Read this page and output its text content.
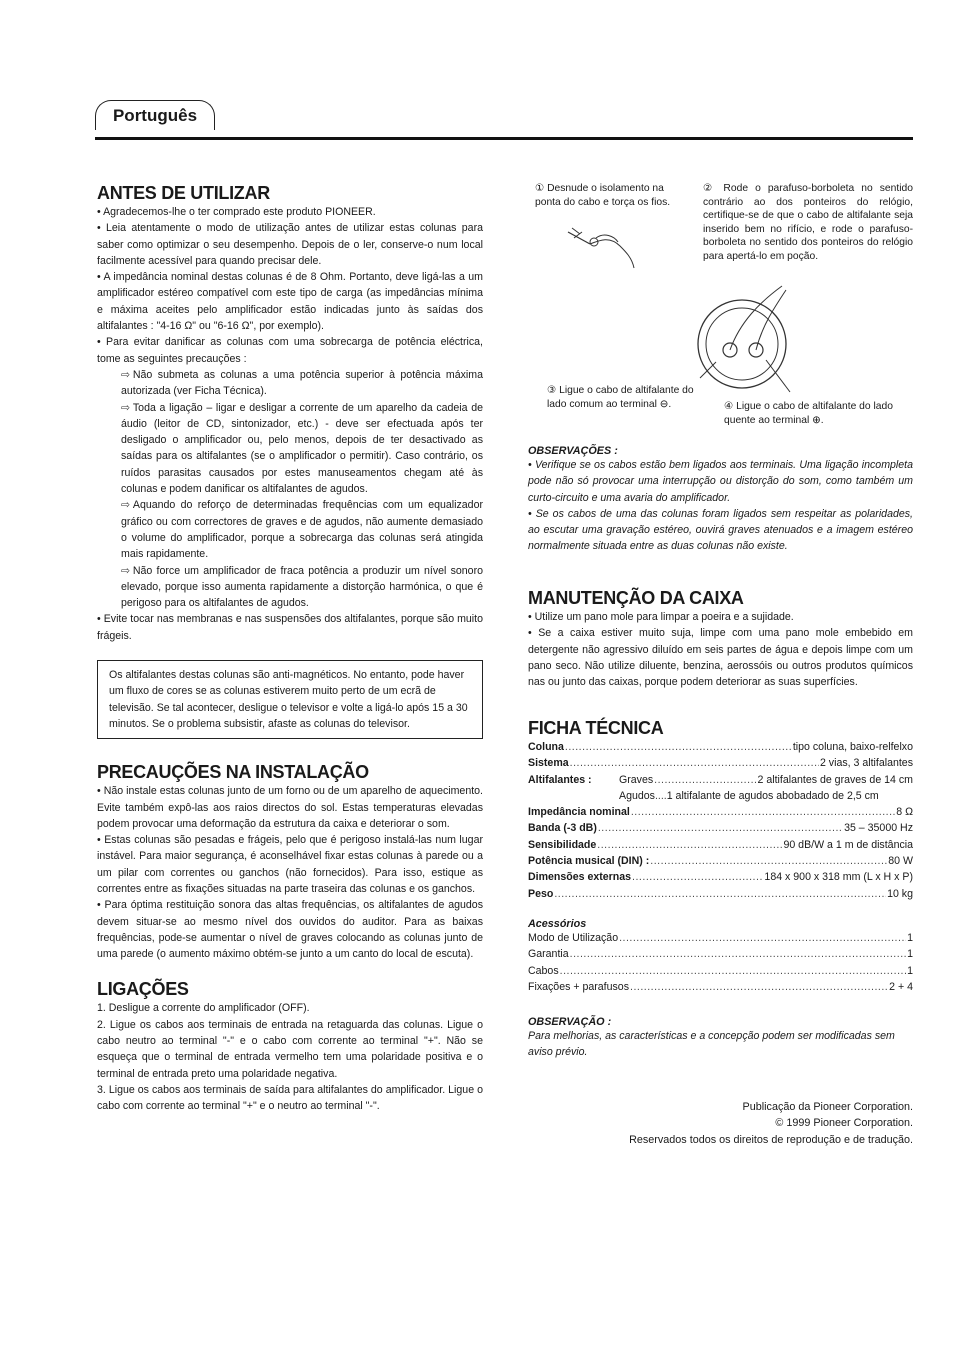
Português
ANTES DE UTILIZAR

• Agradecemos-lhe o ter comprado este produto PIONEER.

• Leia atentamente o modo de utilização antes de utilizar estas colunas para saber como optimizar o seu desempenho. Depois de o ler, conserve-o num local facilmente acessível para quando precisar dele.

• A impedância nominal destas colunas é de 8 Ohm. Portanto, deve ligá-las a um amplificador estéreo compatível com este tipo de carga (as impedâncias mínima e máxima aceites pelo amplificador estão indicadas junto às saídas dos altifalantes : "4-16 Ω" ou "6-16 Ω", por exemplo).

• Para evitar danificar as colunas com uma sobrecarga de potência eléctrica, tome as seguintes precauções :

⇨ Não submeta as colunas a uma potência superior à potência máxima autorizada (ver Ficha Técnica).

⇨ Toda a ligação – ligar e desligar a corrente de um aparelho da cadeia de áudio (leitor de CD, sintonizador, etc.) - deve ser efectuada após ter desligado o amplificador ou, pelo menos, depois de ter desactivado as saídas para os altifalantes (se o amplificador o permitir). Caso contrário, os ruídos parasitas causados por estes manuseamentos chegam até às colunas e podem danificar os altifalantes de agudos.

⇨ Aquando do reforço de determinadas frequências com um equalizador gráfico ou com correctores de graves e de agudos, não aumente demasiado o volume do amplificador, porque a sobrecarga das colunas será atingida mais rapidamente.

⇨ Não force um amplificador de fraca potência a produzir um nível sonoro elevado, porque isso aumenta rapidamente a distorção harmónica, o que é perigoso para os altifalantes de agudos.

• Evite tocar nas membranas e nas suspensões dos altifalantes, porque são muito frágeis.

Os altifalantes destas colunas são anti-magnéticos. No entanto, pode haver um fluxo de cores se as colunas estiverem muito perto de um ecrã de televisão. Se tal acontecer, desligue o televisor e volte a ligá-lo após 15 a 30 minutos. Se o problema subsistir, afaste as colunas do televisor.

PRECAUÇÕES NA INSTALAÇÃO

• Não instale estas colunas junto de um forno ou de um aparelho de aquecimento. Evite também expô-las aos raios directos do sol. Estas temperaturas elevadas podem provocar uma deformação da estrutura da caixa e deteriorar o som.

• Estas colunas são pesadas e frágeis, pelo que é perigoso instalá-las num lugar instável. Para maior segurança, é aconselhável fixar estas colunas à parede ou a um pilar com correntes ou ganchos (não fornecidos). Para isso, estique as correntes entre as fixações situadas na parte traseira das colunas e os ganchos.

• Para óptima restituição sonora das altas frequências, os altifalantes de agudos devem situar-se ao mesmo nível dos ouvidos do auditor. Para as baixas frequências, pode-se aumentar o nível de graves colocando as colunas junto de uma parede (o aumento máximo obtém-se junto a um canto do local de escuta).

LIGAÇÕES

1. Desligue a corrente do amplificador (OFF).

2. Ligue os cabos aos terminais de entrada na retaguarda das colunas. Ligue o cabo neutro ao terminal "-" e o cabo com corrente ao terminal "+". Não se esqueça que o terminal de entrada vermelho tem uma polaridade positiva e o terminal de entrada preto uma polaridade negativa.

3. Ligue os cabos aos terminais de saída para altifalantes do amplificador. Ligue o cabo com corrente ao terminal "+" e o neutro ao terminal "-".

① Desnude o isolamento na ponta do cabo e torça os fios.
② Rode o parafuso-borboleta no sentido contrário ao dos ponteiros do relógio, certifique-se de que o cabo de altifalante seja inserido bem no rifício, e rode o parafuso-borboleta no sentido dos ponteiros do relógio para apertá-lo em poção.
③ Ligue o cabo de altifalante do lado comum ao terminal ⊖.	④ Ligue o cabo de altifalante do lado quente ao terminal ⊕.
OBSERVAÇÕES :

• Verifique se os cabos estão bem ligados aos terminais. Uma ligação incompleta pode não só provocar uma interrupção ou distorção do som, como também um curto-circuito e uma avaria do amplificador.

• Se os cabos de uma das colunas foram ligados sem respeitar as polaridades, ao escutar uma gravação estéreo, ouvirá graves atenuados e a imagem estéreo normalmente situada entre as duas colunas não existe.

MANUTENÇÃO DA CAIXA

• Utilize um pano mole para limpar a poeira e a sujidade.

• Se a caixa estiver muito suja, limpe com uma pano mole embebido em detergente não agressivo diluído em seis partes de água e depois limpe com um pano seco. Não utilize diluente, benzina, aerossóis ou outros produtos químicos nas ou junto das caixas, porque podem deteriorar as suas superfícies.

FICHA TÉCNICA
Coluna .....	tipo coluna, baixo-relfelxo
Sistema .....	2 vias, 3 altifalantes
Altifalantes :	Graves .....	2 altifalantes de graves de 14 cm
Agudos .... 1 altifalante de agudos abobadado de 2,5 cm
Impedância nominal .....	8 Ω
Banda (-3 dB) .....	35 – 35000 Hz
Sensibilidade .....	90 dB/W a 1 m de distância
Potência musical (DIN) : .....	80 W
Dimensões externas .....	184 x 900 x 318 mm (L x H x P)
Peso .....	10 kg
Acessórios
Modo de Utilização .....	1
Garantia .....	1
Cabos .....	1
Fixações + parafusos .....	2 + 4
OBSERVAÇÃO :

Para melhorias, as características e a concepção podem ser modificadas sem aviso prévio.

Publicação da Pioneer Corporation.
© 1999 Pioneer Corporation.
Reservados todos os direitos de reprodução e de tradução.
